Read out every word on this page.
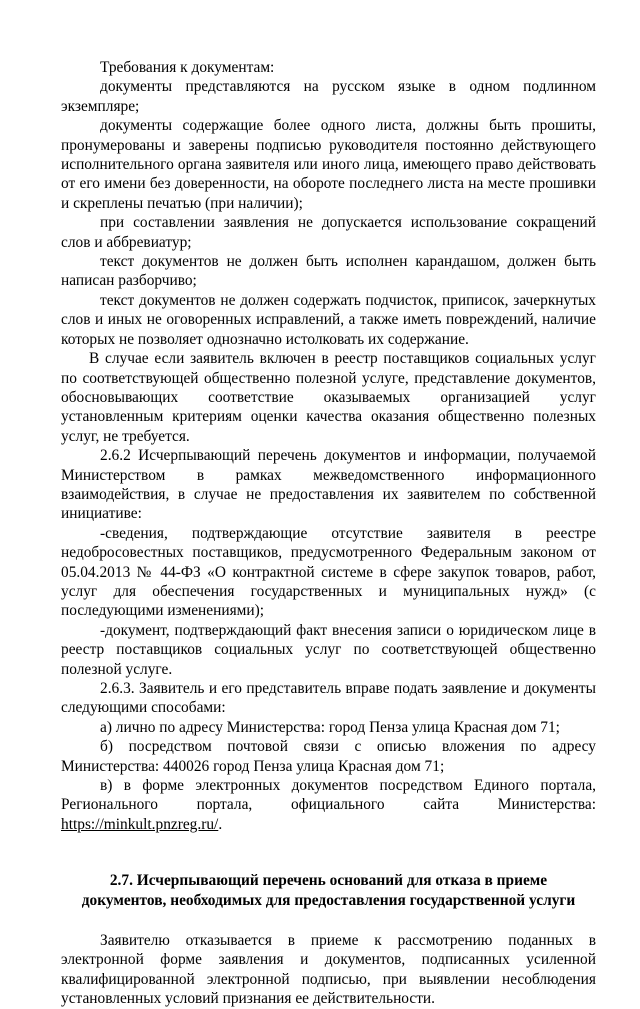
Требования к документам:

документы представляются на русском языке в одном подлинном экземпляре;

документы содержащие более одного листа, должны быть прошиты, пронумерованы и заверены подписью руководителя постоянно действующего исполнительного органа заявителя или иного лица, имеющего право действовать от его имени без доверенности, на обороте последнего листа на месте прошивки и скреплены печатью (при наличии);

при составлении заявления не допускается использование сокращений слов и аббревиатур;

текст документов не должен быть исполнен карандашом, должен быть написан разборчиво;

текст документов не должен содержать подчисток, приписок, зачеркнутых слов и иных не оговоренных исправлений, а также иметь повреждений, наличие которых не позволяет однозначно истолковать их содержание.

В случае если заявитель включен в реестр поставщиков социальных услуг по соответствующей общественно полезной услуге, представление документов, обосновывающих соответствие оказываемых организацией услуг установленным критериям оценки качества оказания общественно полезных услуг, не требуется.

2.6.2 Исчерпывающий перечень документов и информации, получаемой Министерством в рамках межведомственного информационного взаимодействия, в случае не предоставления их заявителем по собственной инициативе:

-сведения, подтверждающие отсутствие заявителя в реестре недобросовестных поставщиков, предусмотренного Федеральным законом от 05.04.2013 № 44-ФЗ «О контрактной системе в сфере закупок товаров, работ, услуг для обеспечения государственных и муниципальных нужд» (с последующими изменениями);

-документ, подтверждающий факт внесения записи о юридическом лице в реестр поставщиков социальных услуг по соответствующей общественно полезной услуге.

2.6.3. Заявитель и его представитель вправе подать заявление и документы следующими способами:

а) лично по адресу Министерства: город Пенза улица Красная дом 71;

б) посредством почтовой связи с описью вложения по адресу Министерства: 440026 город Пенза улица Красная дом 71;

в) в форме электронных документов посредством Единого портала, Регионального портала, официального сайта Министерства: https://minkult.pnzreg.ru/.

2.7. Исчерпывающий перечень оснований для отказа в приеме
документов, необходимых для предоставления государственной услуги

Заявителю отказывается в приеме к рассмотрению поданных в электронной форме заявления и документов, подписанных усиленной квалифицированной электронной подписью, при выявлении несоблюдения установленных условий признания ее действительности.
